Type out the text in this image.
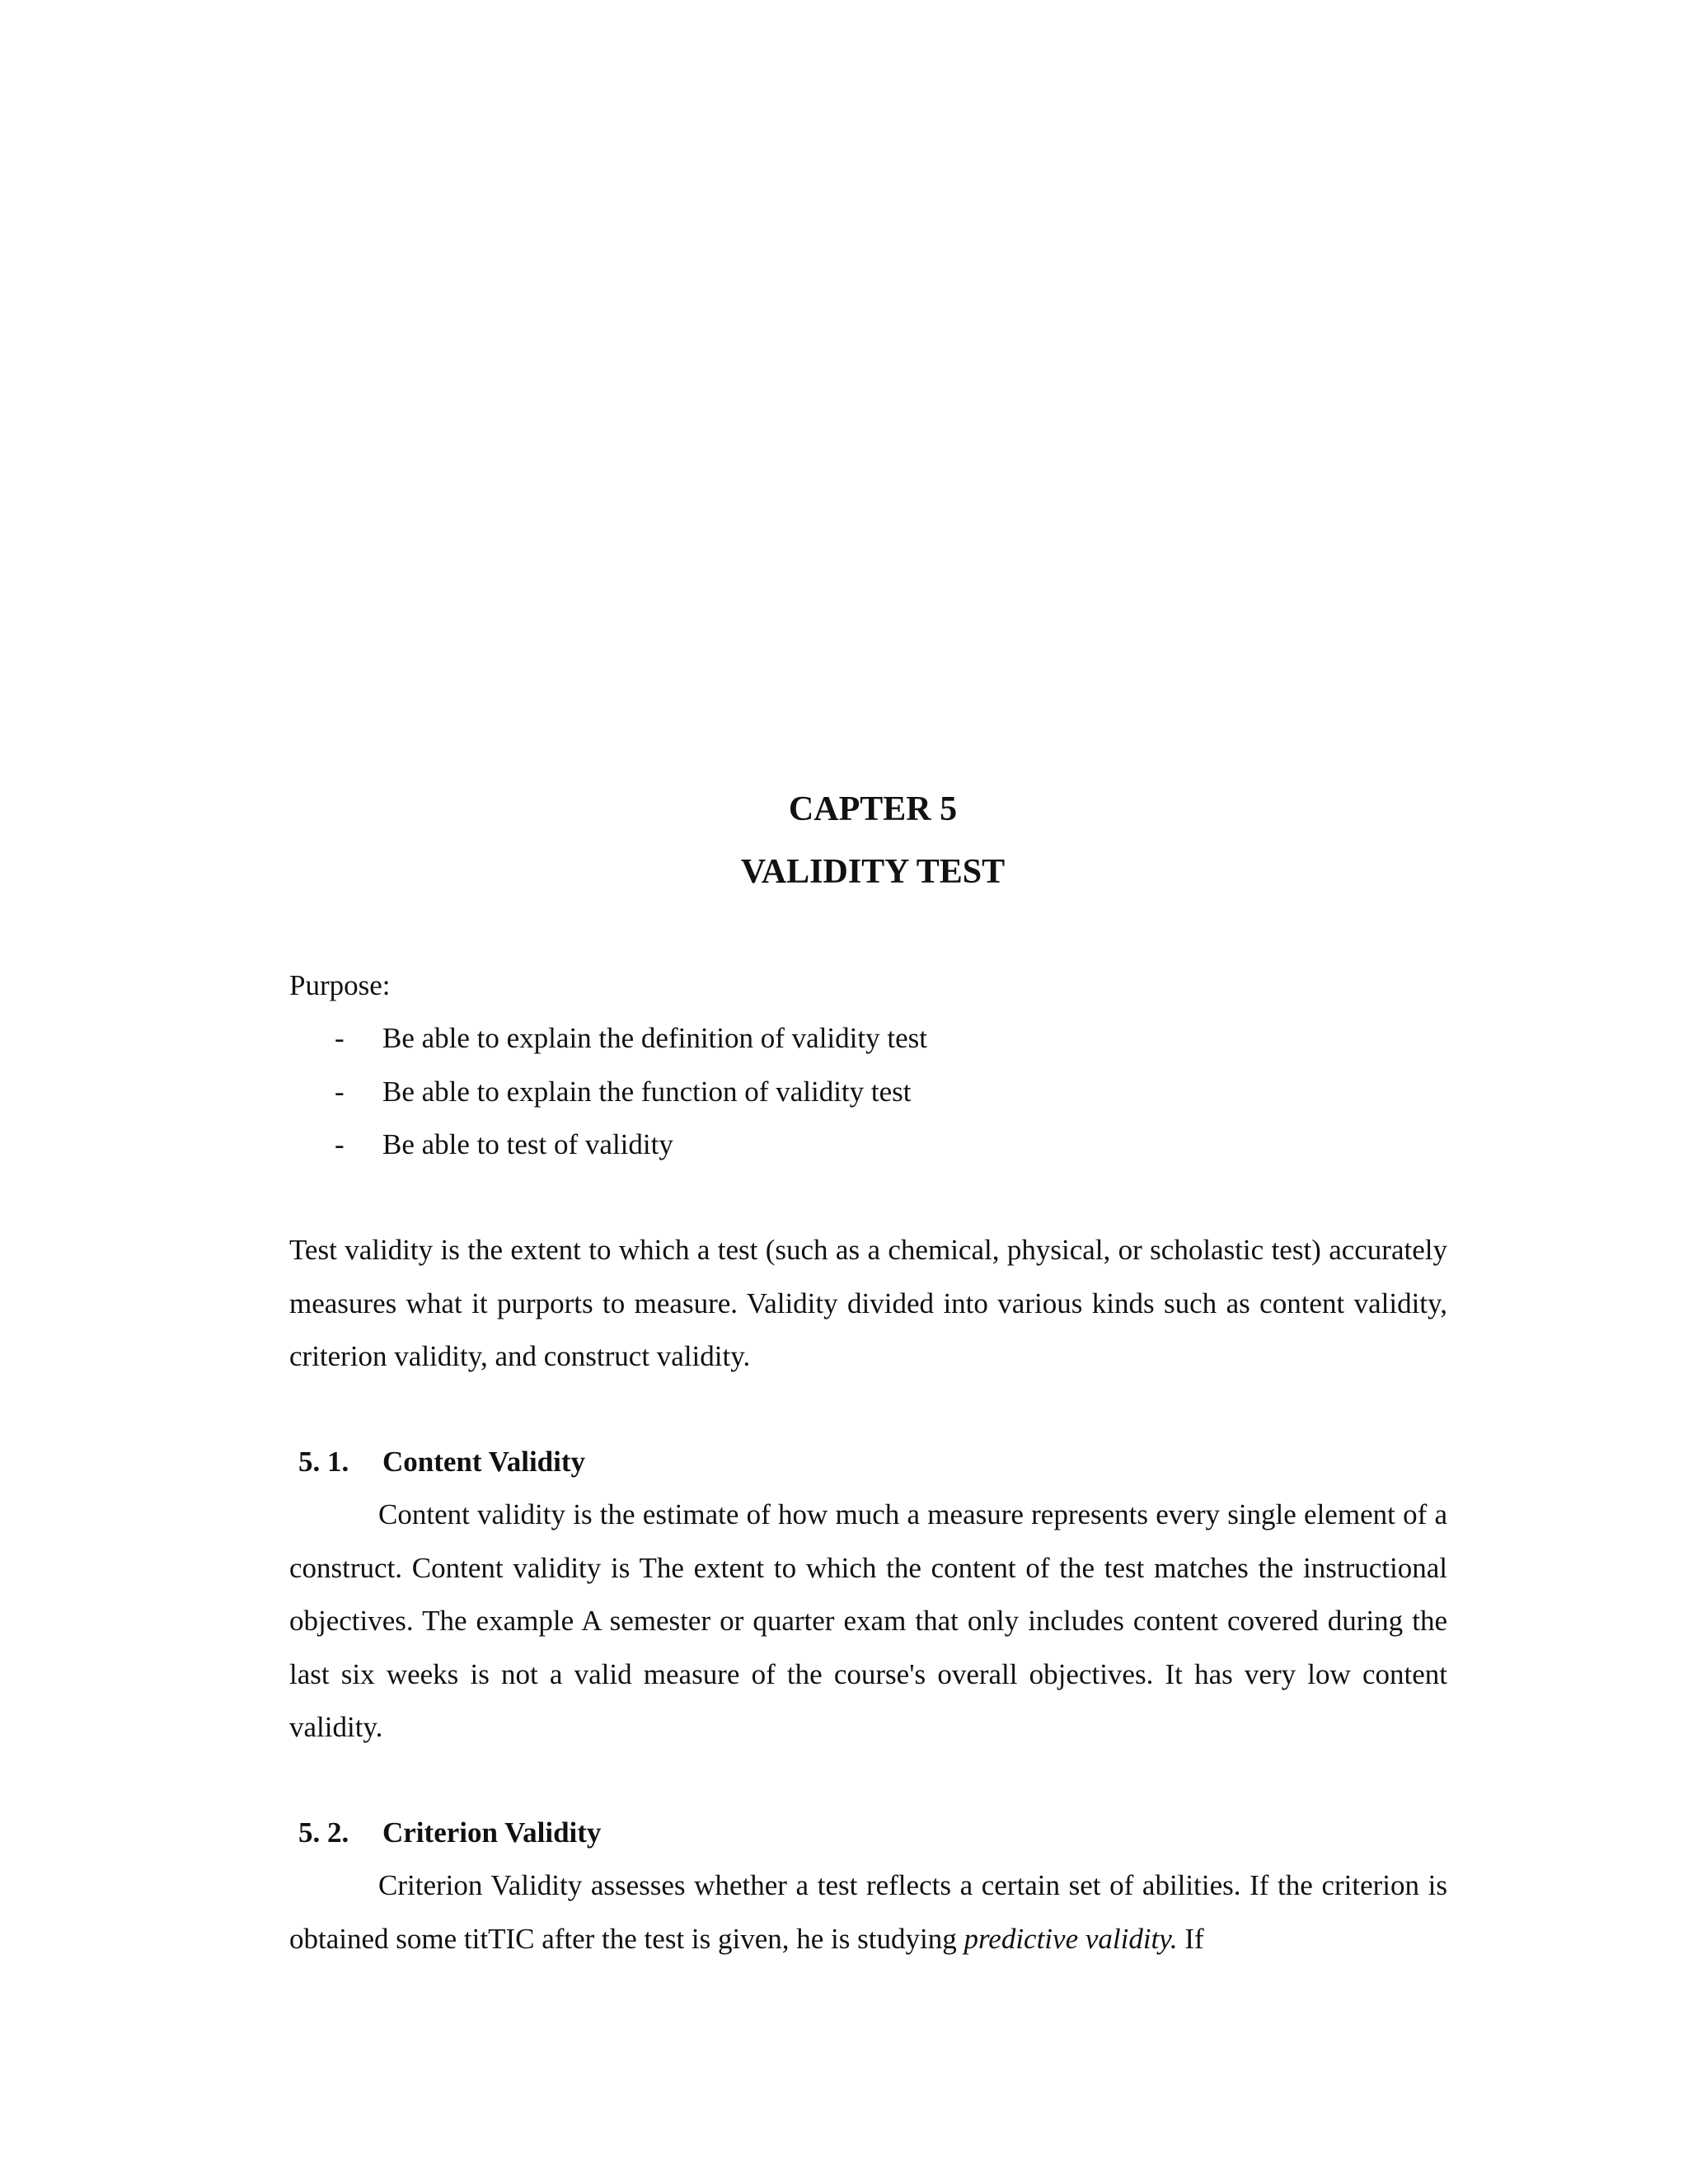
CAPTER 5
VALIDITY TEST

Purpose:

- Be able to explain the definition of validity test
- Be able to explain the function of validity test
- Be able to test of validity

Test validity is the extent to which a test (such as a chemical, physical, or scholastic test) accurately measures what it purports to measure. Validity divided into various kinds such as content validity, criterion validity, and construct validity.

5. 1. Content Validity

Content validity is the estimate of how much a measure represents every single element of a construct. Content validity is The extent to which the content of the test matches the instructional objectives. The example A semester or quarter exam that only includes content covered during the last six weeks is not a valid measure of the course's overall objectives. It has very low content validity.

5. 2. Criterion Validity

Criterion Validity assesses whether a test reflects a certain set of abilities. If the criterion is obtained some titTIC after the test is given, he is studying predictive validity. If
